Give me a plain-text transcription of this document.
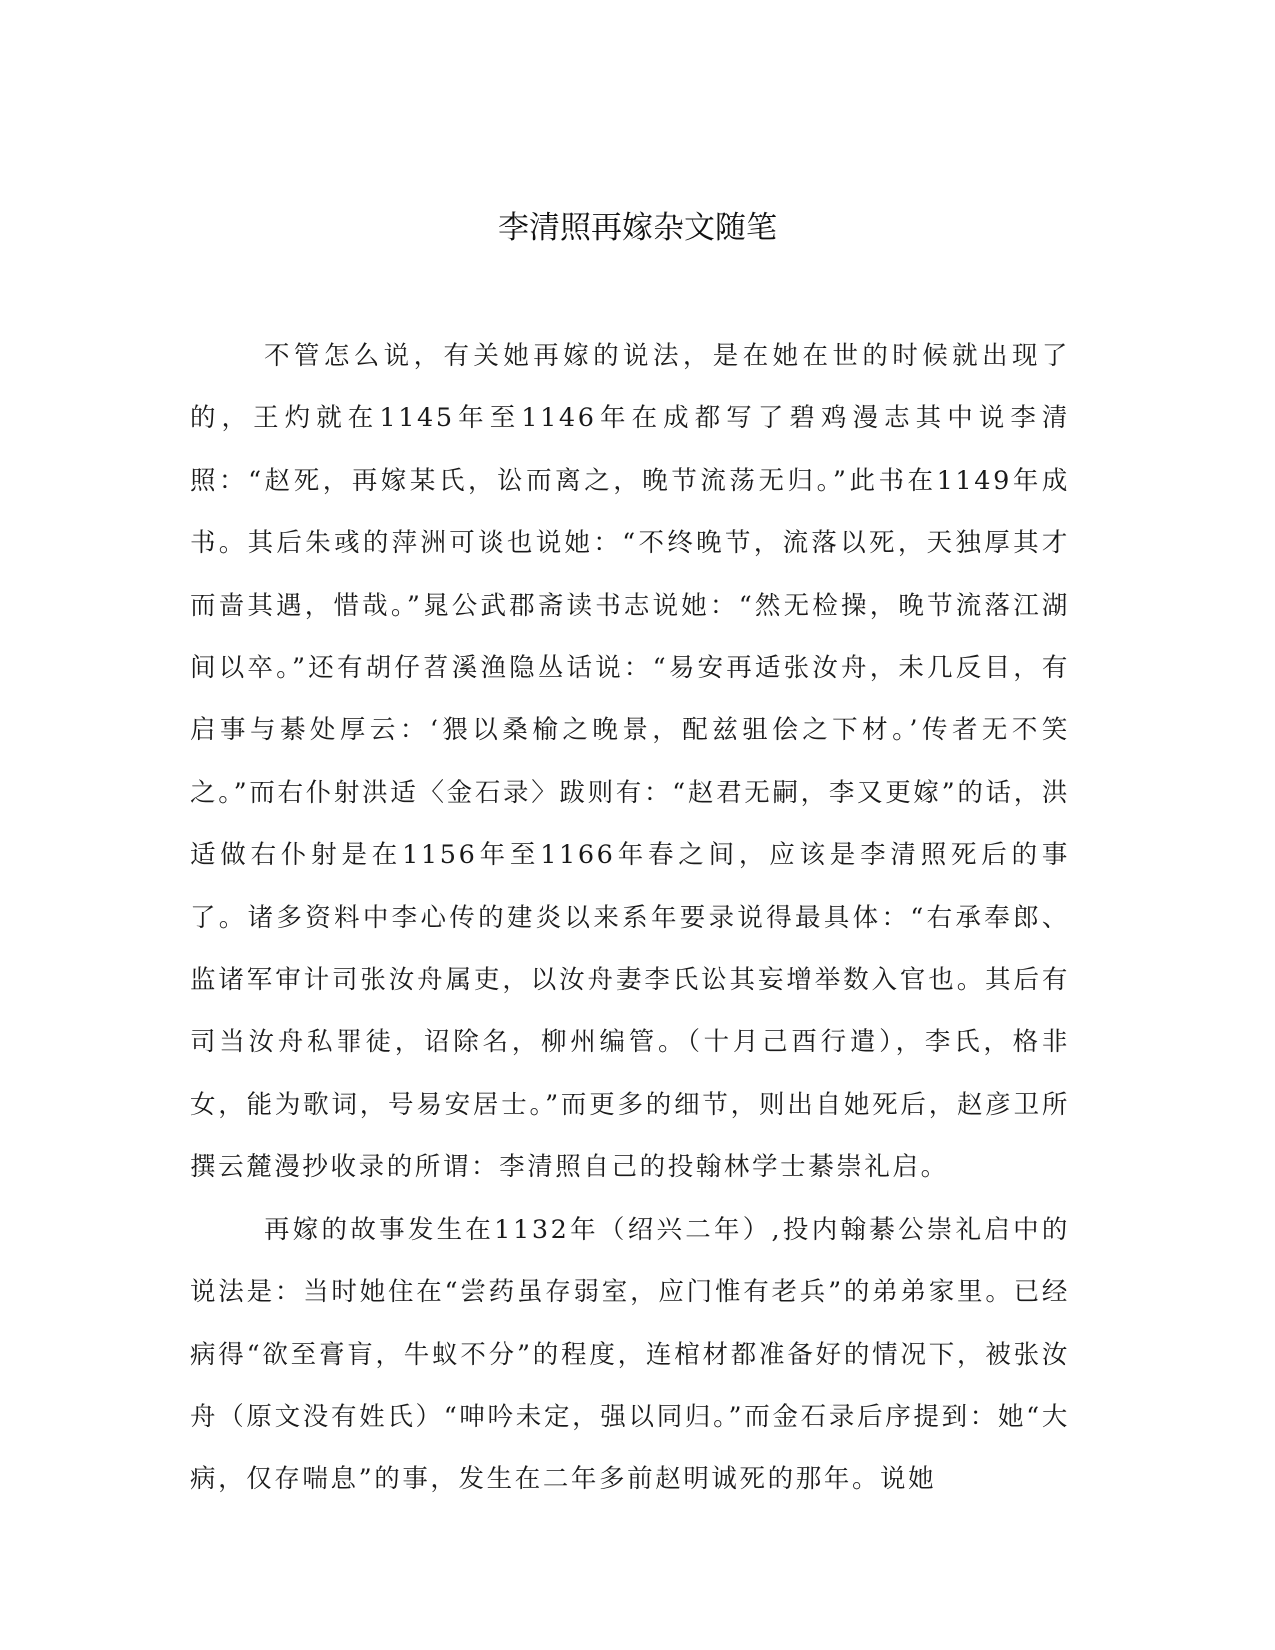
李清照再嫁杂文随笔

不管怎么说，有关她再嫁的说法，是在她在世的时候就出现了的，王灼就在1145年至1146年在成都写了碧鸡漫志其中说李清照：“赵死，再嫁某氏，讼而离之，晚节流荡无归。”此书在1149年成书。其后朱彧的萍洲可谈也说她：“不终晚节，流落以死，天独厚其才而啬其遇，惜哉。”晁公武郡斋读书志说她：“然无检操，晚节流落江湖间以卒。”还有胡仔苕溪渔隐丛话说：“易安再适张汝舟，未几反目，有启事与綦处厚云：‘猥以桑榆之晚景，配兹驵侩之下材。’传者无不笑之。”而右仆射洪适〈金石录〉跋则有：“赵君无嗣，李又更嫁”的话，洪适做右仆射是在1156年至1166年春之间，应该是李清照死后的事了。诸多资料中李心传的建炎以来系年要录说得最具体：“右承奉郎、监诸军审计司张汝舟属吏，以汝舟妻李氏讼其妄增举数入官也。其后有司当汝舟私罪徒，诏除名，柳州编管。（十月己酉行遣），李氏，格非女，能为歌词，号易安居士。”而更多的细节，则出自她死后，赵彦卫所撰云麓漫抄收录的所谓：李清照自己的投翰林学士綦崇礼启。

再嫁的故事发生在1132年（绍兴二年）,投内翰綦公崇礼启中的说法是：当时她住在“尝药虽存弱室，应门惟有老兵”的弟弟家里。已经病得“欲至膏肓，牛蚁不分”的程度，连棺材都准备好的情况下，被张汝舟（原文没有姓氏）“呻吟未定，强以同归。”而金石录后序提到：她“大病，仅存喘息”的事，发生在二年多前赵明诚死的那年。说她
